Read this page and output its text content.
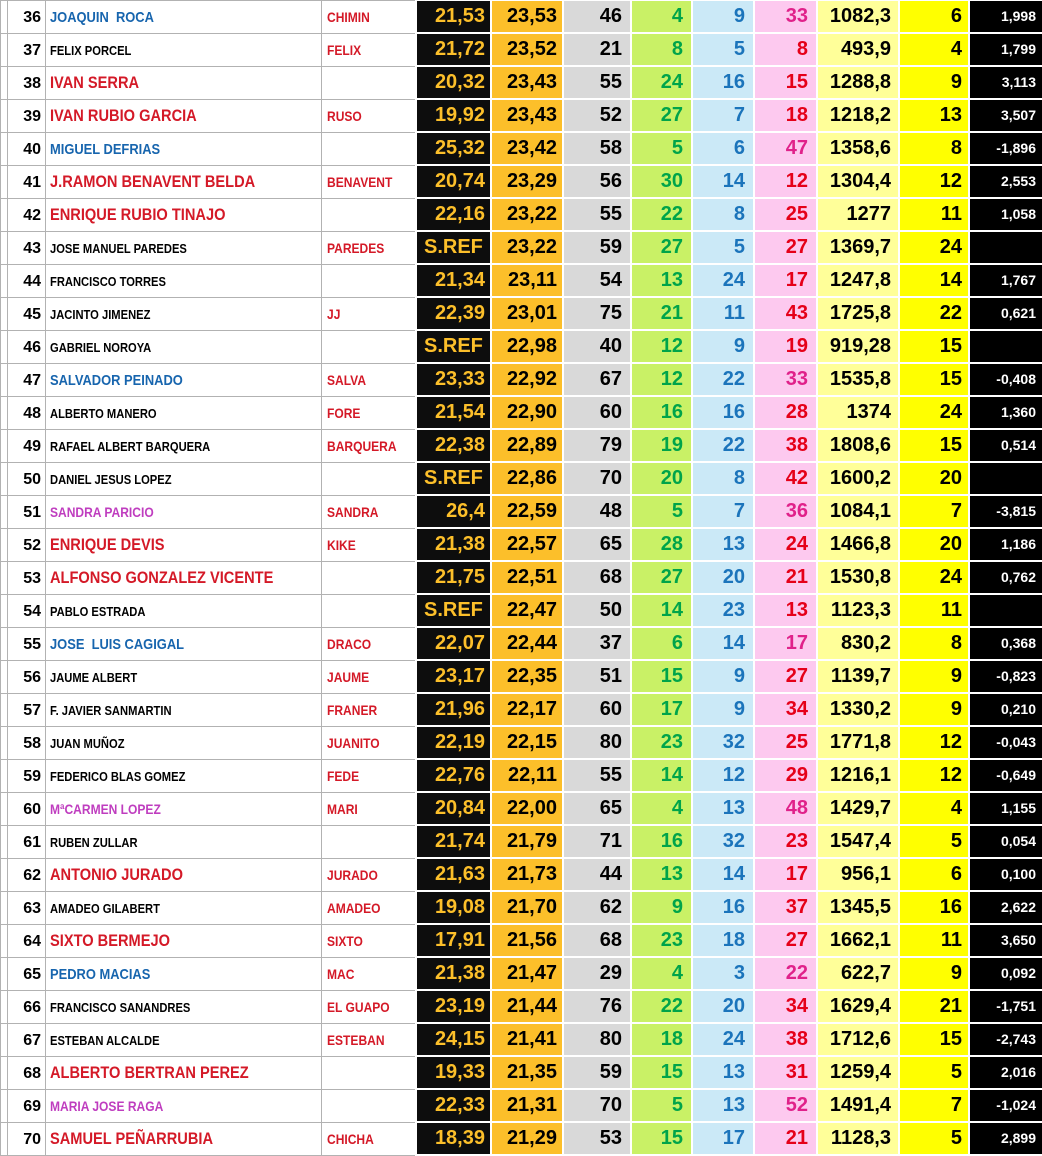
	36	JOAQUIN  ROCA	CHIMIN	21,53	23,53	46	4	9	33	1082,3	6	1,998
	37	FELIX PORCEL	FELIX	21,72	23,52	21	8	5	8	493,9	4	1,799
	38	IVAN SERRA		20,32	23,43	55	24	16	15	1288,8	9	3,113
	39	IVAN RUBIO GARCIA	RUSO	19,92	23,43	52	27	7	18	1218,2	13	3,507
	40	MIGUEL DEFRIAS		25,32	23,42	58	5	6	47	1358,6	8	-1,896
	41	J.RAMON BENAVENT BELDA	BENAVENT	20,74	23,29	56	30	14	12	1304,4	12	2,553
	42	ENRIQUE RUBIO TINAJO		22,16	23,22	55	22	8	25	1277	11	1,058
	43	JOSE MANUEL PAREDES	PAREDES	S.REF	23,22	59	27	5	27	1369,7	24	
	44	FRANCISCO TORRES		21,34	23,11	54	13	24	17	1247,8	14	1,767
	45	JACINTO JIMENEZ	JJ	22,39	23,01	75	21	11	43	1725,8	22	0,621
	46	GABRIEL NOROYA		S.REF	22,98	40	12	9	19	919,28	15	
	47	SALVADOR PEINADO	SALVA	23,33	22,92	67	12	22	33	1535,8	15	-0,408
	48	ALBERTO MANERO	FORE	21,54	22,90	60	16	16	28	1374	24	1,360
	49	RAFAEL ALBERT BARQUERA	BARQUERA	22,38	22,89	79	19	22	38	1808,6	15	0,514
	50	DANIEL JESUS LOPEZ		S.REF	22,86	70	20	8	42	1600,2	20	
	51	SANDRA PARICIO	SANDRA	26,4	22,59	48	5	7	36	1084,1	7	-3,815
	52	ENRIQUE DEVIS	KIKE	21,38	22,57	65	28	13	24	1466,8	20	1,186
	53	ALFONSO GONZALEZ VICENTE		21,75	22,51	68	27	20	21	1530,8	24	0,762
	54	PABLO ESTRADA		S.REF	22,47	50	14	23	13	1123,3	11	
	55	JOSE  LUIS CAGIGAL	DRACO	22,07	22,44	37	6	14	17	830,2	8	0,368
	56	JAUME ALBERT	JAUME	23,17	22,35	51	15	9	27	1139,7	9	-0,823
	57	F. JAVIER SANMARTIN	FRANER	21,96	22,17	60	17	9	34	1330,2	9	0,210
	58	JUAN MUÑOZ	JUANITO	22,19	22,15	80	23	32	25	1771,8	12	-0,043
	59	FEDERICO BLAS GOMEZ	FEDE	22,76	22,11	55	14	12	29	1216,1	12	-0,649
	60	MªCARMEN LOPEZ	MARI	20,84	22,00	65	4	13	48	1429,7	4	1,155
	61	RUBEN ZULLAR		21,74	21,79	71	16	32	23	1547,4	5	0,054
	62	ANTONIO JURADO	JURADO	21,63	21,73	44	13	14	17	956,1	6	0,100
	63	AMADEO GILABERT	AMADEO	19,08	21,70	62	9	16	37	1345,5	16	2,622
	64	SIXTO BERMEJO	SIXTO	17,91	21,56	68	23	18	27	1662,1	11	3,650
	65	PEDRO MACIAS	MAC	21,38	21,47	29	4	3	22	622,7	9	0,092
	66	FRANCISCO SANANDRES	EL GUAPO	23,19	21,44	76	22	20	34	1629,4	21	-1,751
	67	ESTEBAN ALCALDE	ESTEBAN	24,15	21,41	80	18	24	38	1712,6	15	-2,743
	68	ALBERTO BERTRAN PEREZ		19,33	21,35	59	15	13	31	1259,4	5	2,016
	69	MARIA JOSE RAGA		22,33	21,31	70	5	13	52	1491,4	7	-1,024
	70	SAMUEL PEÑARRUBIA	CHICHA	18,39	21,29	53	15	17	21	1128,3	5	2,899
